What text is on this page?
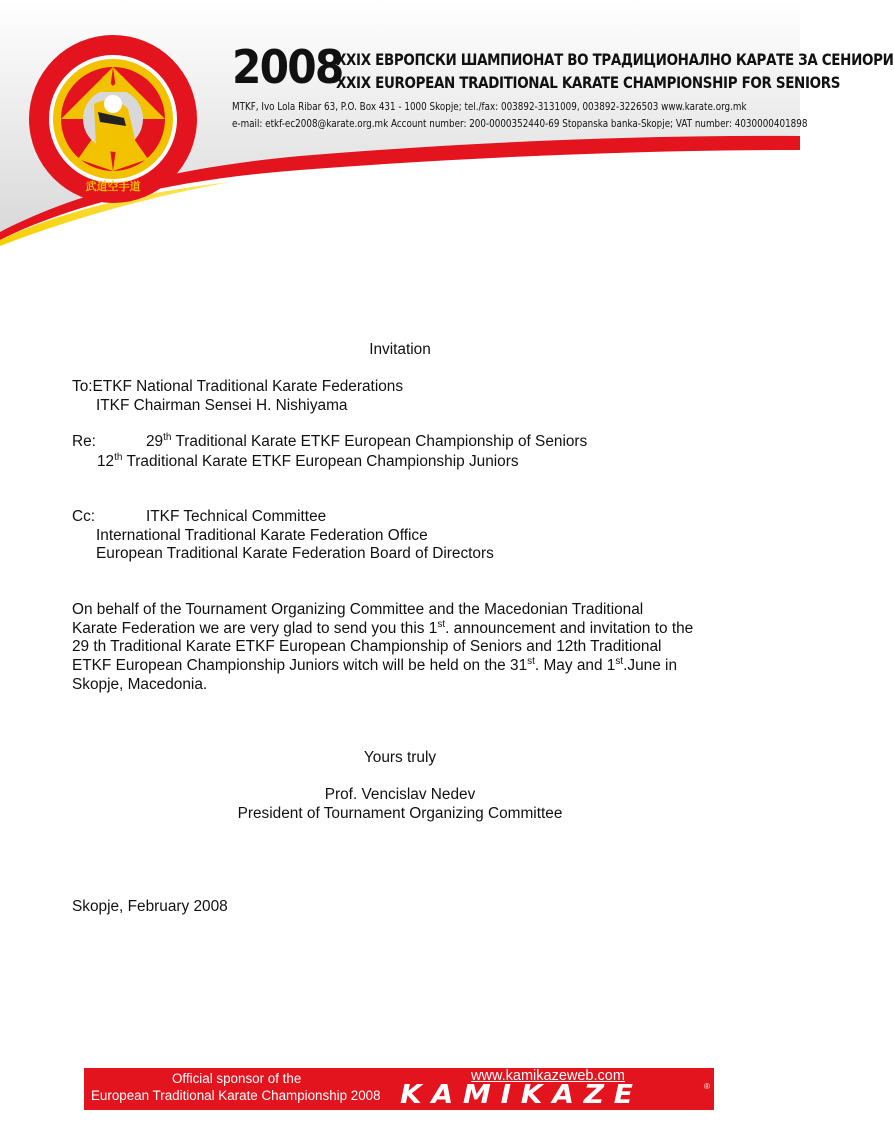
武道空手道
2008
XXIX ЕВРОПСКИ ШАМПИОНАТ ВО ТРАДИЦИОНАЛНО КАРАТЕ ЗА СЕНИОРИ
XXIX EUROPEAN TRADITIONAL KARATE CHAMPIONSHIP FOR SENIORS
MTKF, Ivo Lola Ribar 63, P.O. Box 431 - 1000 Skopje; tel./fax: 003892-3131009, 003892-3226503 www.karate.org.mk
e-mail: etkf-ec2008@karate.org.mk Account number: 200-0000352440-69 Stopanska banka-Skopje; VAT number: 4030000401898
Invitation
To:ETKF National Traditional Karate Federations
ITKF Chairman Sensei H. Nishiyama
Re:	29th Traditional Karate ETKF European Championship of Seniors
12th Traditional Karate ETKF European Championship Juniors
Cc:	ITKF Technical Committee
International Traditional Karate Federation Office
European Traditional Karate Federation Board of Directors
On behalf of the Tournament Organizing Committee and the Macedonian Traditional
Karate Federation we are very glad to send you this 1st. announcement and invitation to the
29 th Traditional Karate ETKF European Championship of Seniors and 12th Traditional
ETKF European Championship Juniors witch will be held on the 31st. May and 1st.June in
Skopje, Macedonia.
Yours truly
Prof. Vencislav Nedev
President of Tournament Organizing Committee
Skopje, February 2008
Official sponsor of the
European Traditional Karate Championship 2008
www.kamikazeweb.com
KAMIKAZE	®
